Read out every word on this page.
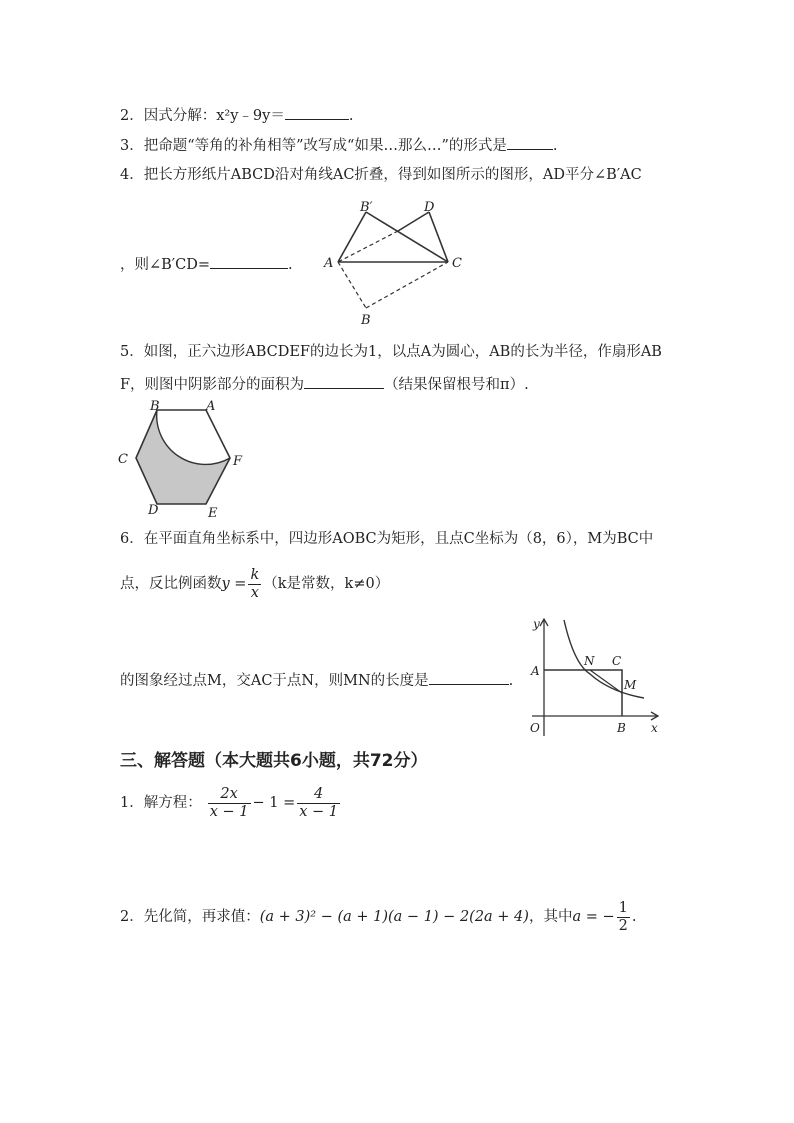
2．因式分解：x²y﹣9y＝	.
3．把命题“等角的补角相等”改写成“如果…那么…”的形式是	.
4．把长方形纸片ABCD沿对角线AC折叠，得到如图所示的图形，AD平分∠B′AC
，则∠B′CD=	. A
B′	D
C
B
5．如图，正六边形ABCDEF的边长为1，以点A为圆心，AB的长为半径，作扇形AB
F，则图中阴影部分的面积为	（结果保留根号和π）.
B	A
C	F
D	E
6．在平面直角坐标系中，四边形AOBC为矩形，且点C坐标为（8，6），M为BC中
点，反比例函数$y = \frac{k}{x} (k$是常数，k≠0）
的图象经过点M，交AC于点N，则MN的长度是	.
y
x
O
A
B
N C
M
三、解答题（本大题共6小题，共72分）
1．解方程： $\frac{2x}{x - 1} - 1 = \frac{4}{x - 1}$
2．先化简，再求值：(a + 3)² − (a + 1)(a − 1) − 2(2a + 4)，其中a = − $\frac{1}{2}$ .
